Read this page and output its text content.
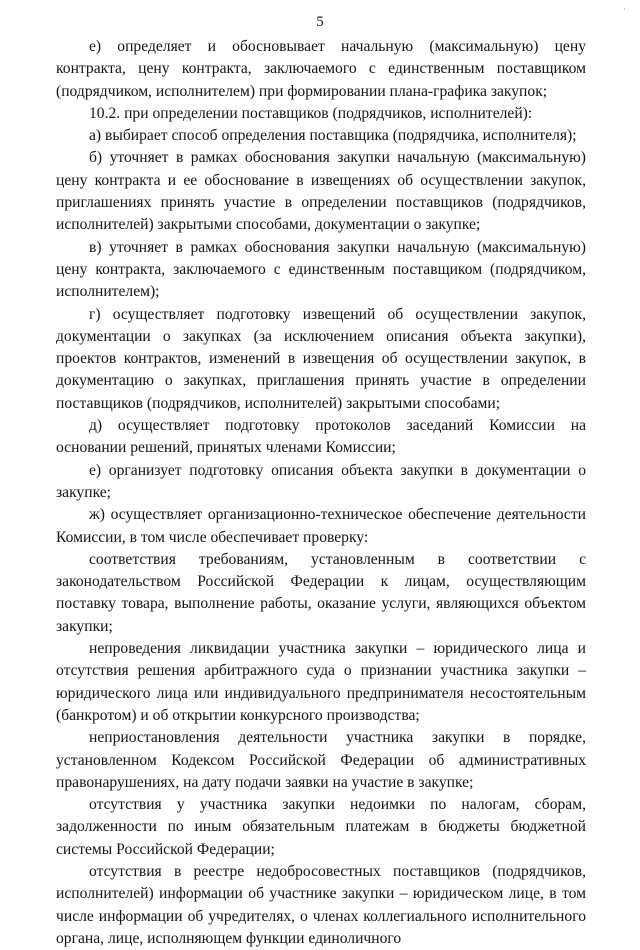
·
5

е) определяет и обосновывает начальную (максимальную) цену контракта, цену контракта, заключаемого с единственным поставщиком (подрядчиком, исполнителем) при формировании плана-графика закупок;

10.2. при определении поставщиков (подрядчиков, исполнителей):

а) выбирает способ определения поставщика (подрядчика, исполнителя);

б) уточняет в рамках обоснования закупки начальную (максимальную) цену контракта и ее обоснование в извещениях об осуществлении закупок, приглашениях принять участие в определении поставщиков (подрядчиков, исполнителей) закрытыми способами, документации о закупке;

в) уточняет в рамках обоснования закупки начальную (максимальную) цену контракта, заключаемого с единственным поставщиком (подрядчиком, исполнителем);

г) осуществляет подготовку извещений об осуществлении закупок, документации о закупках (за исключением описания объекта закупки), проектов контрактов, изменений в извещения об осуществлении закупок, в документацию о закупках, приглашения принять участие в определении поставщиков (подрядчиков, исполнителей) закрытыми способами;

д) осуществляет подготовку протоколов заседаний Комиссии на основании решений, принятых членами Комиссии;

е) организует подготовку описания объекта закупки в документации о закупке;

ж) осуществляет организационно-техническое обеспечение деятельности Комиссии, в том числе обеспечивает проверку:

соответствия требованиям, установленным в соответствии с законодательством Российской Федерации к лицам, осуществляющим поставку товара, выполнение работы, оказание услуги, являющихся объектом закупки;

непроведения ликвидации участника закупки – юридического лица и отсутствия решения арбитражного суда о признании участника закупки – юридического лица или индивидуального предпринимателя несостоятельным (банкротом) и об открытии конкурсного производства;

неприостановления деятельности участника закупки в порядке, установленном Кодексом Российской Федерации об административных правонарушениях, на дату подачи заявки на участие в закупке;

отсутствия у участника закупки недоимки по налогам, сборам, задолженности по иным обязательным платежам в бюджеты бюджетной системы Российской Федерации;

отсутствия в реестре недобросовестных поставщиков (подрядчиков, исполнителей) информации об участнике закупки – юридическом лице, в том числе информации об учредителях, о членах коллегиального исполнительного органа, лице, исполняющем функции единоличного
